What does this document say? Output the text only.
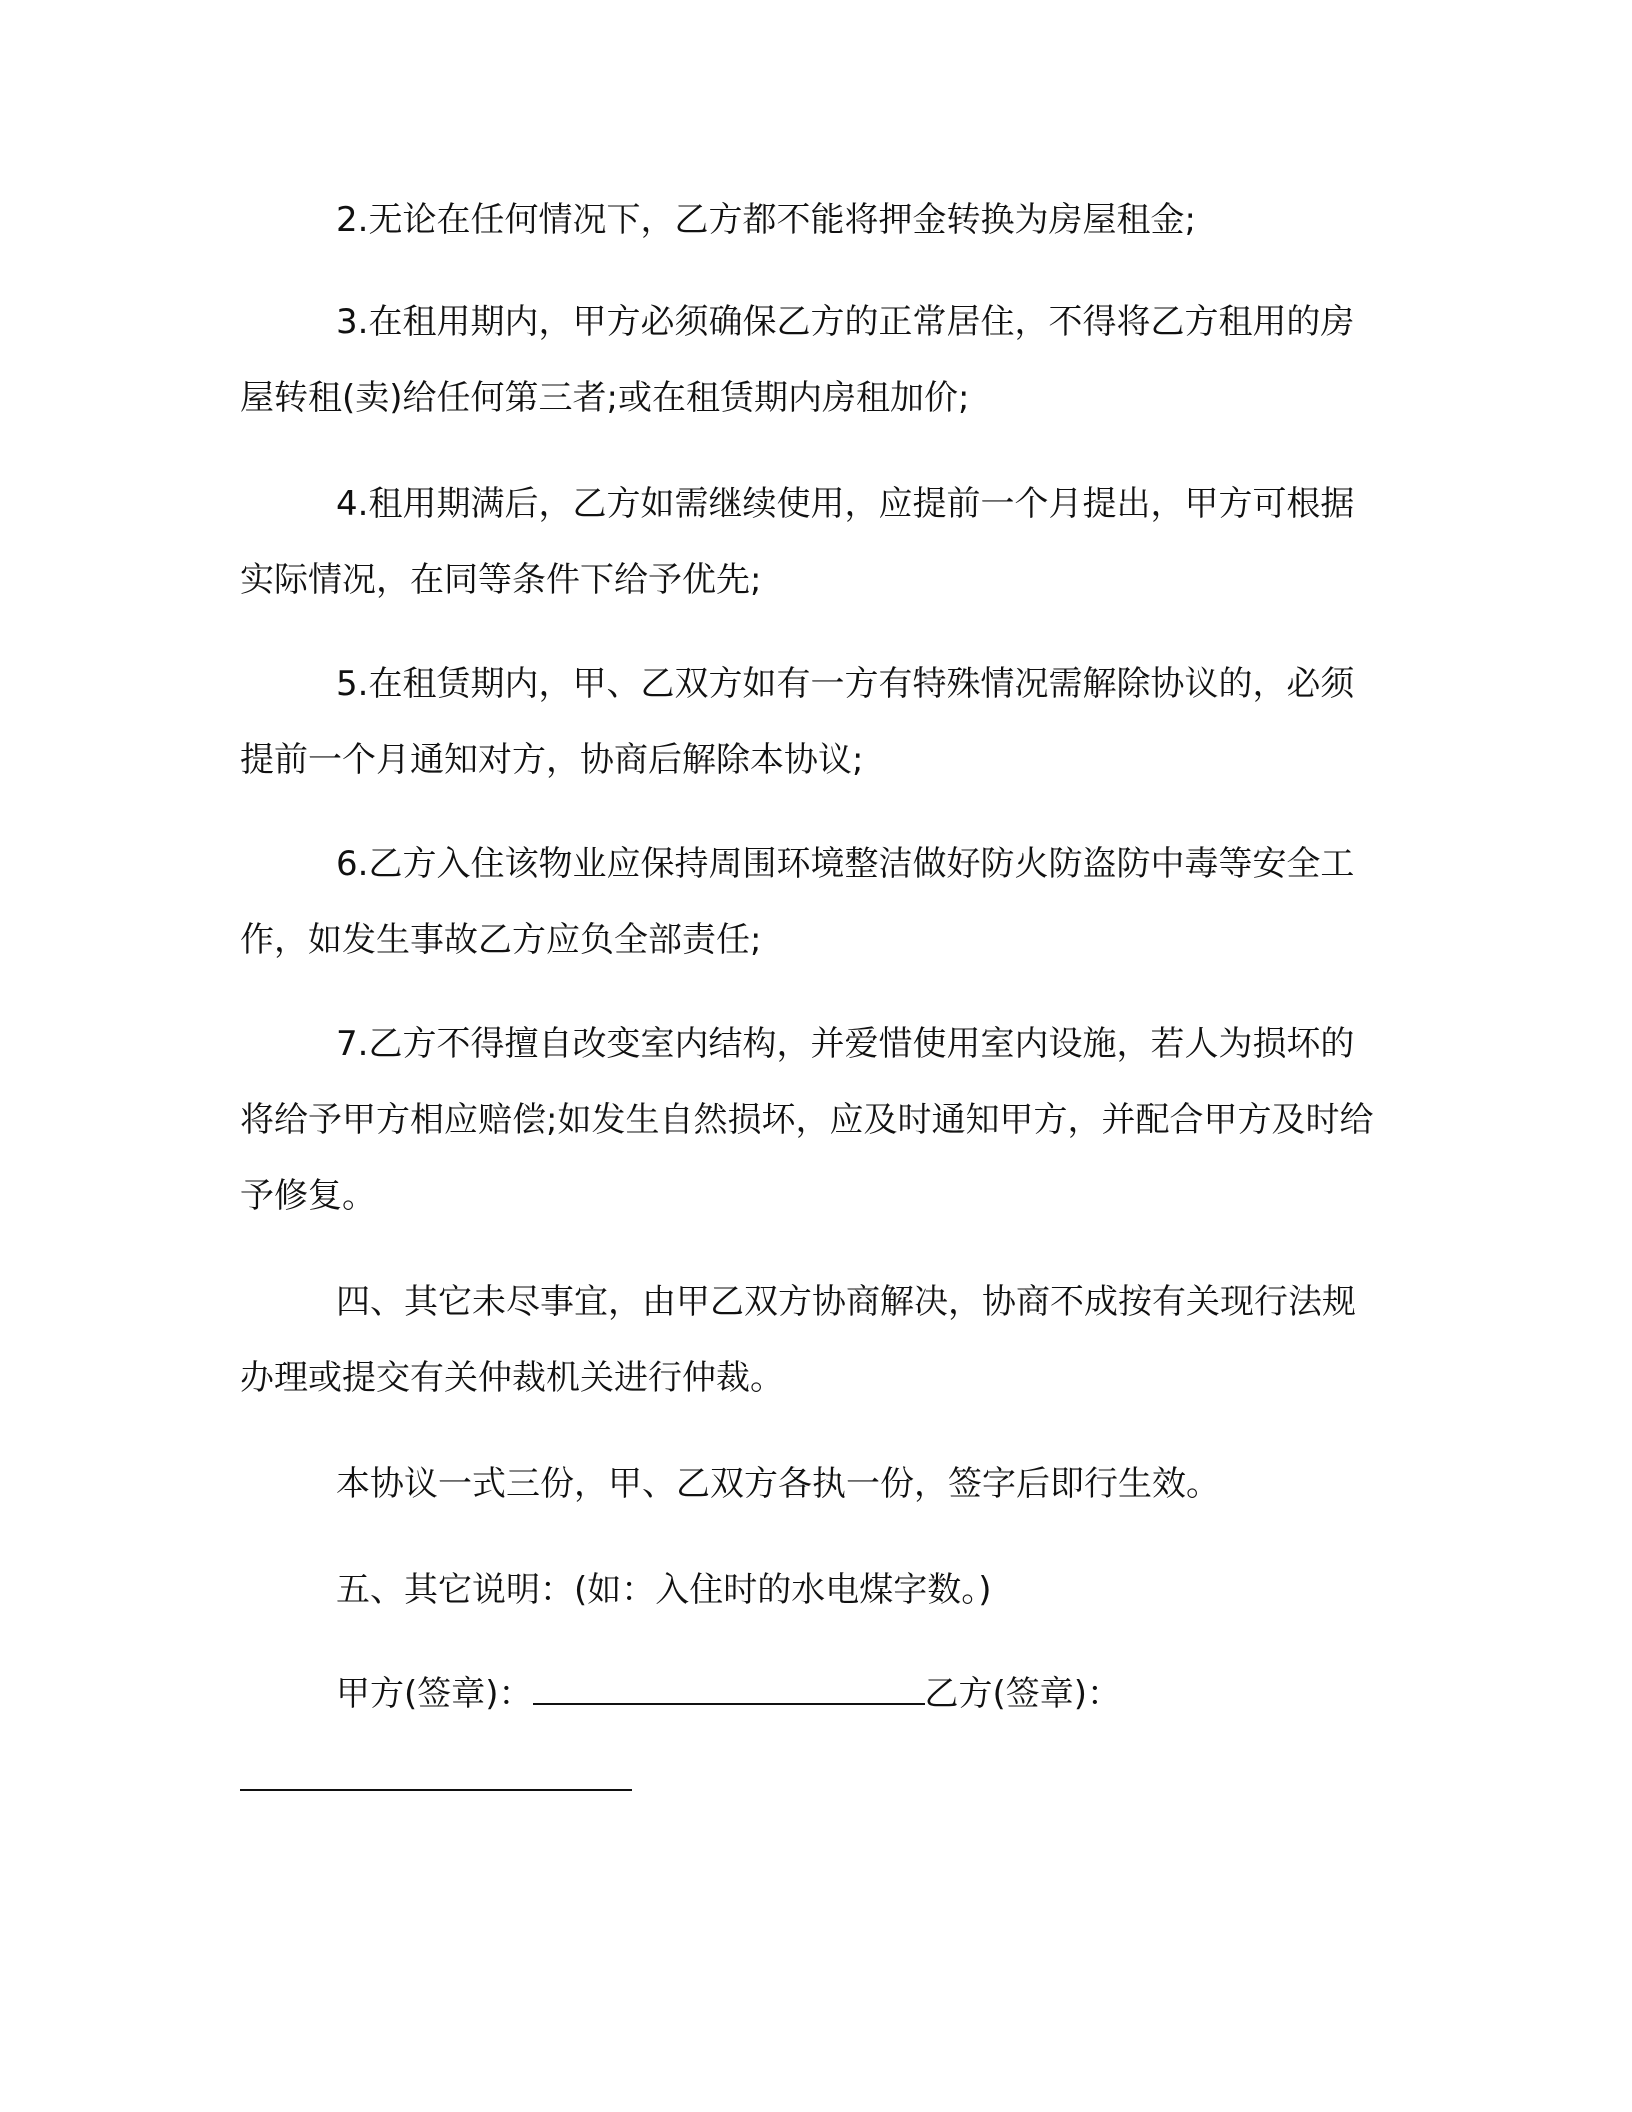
2.无论在任何情况下，乙方都不能将押金转换为房屋租金;

3.在租用期内，甲方必须确保乙方的正常居住，不得将乙方租用的房屋转租(卖)给任何第三者;或在租赁期内房租加价;

4.租用期满后，乙方如需继续使用，应提前一个月提出，甲方可根据实际情况，在同等条件下给予优先;

5.在租赁期内，甲、乙双方如有一方有特殊情况需解除协议的，必须提前一个月通知对方，协商后解除本协议;

6.乙方入住该物业应保持周围环境整洁做好防火防盗防中毒等安全工作，如发生事故乙方应负全部责任;

7.乙方不得擅自改变室内结构，并爱惜使用室内设施，若人为损坏的将给予甲方相应赔偿;如发生自然损坏，应及时通知甲方，并配合甲方及时给予修复。

四、其它未尽事宜，由甲乙双方协商解决，协商不成按有关现行法规办理或提交有关仲裁机关进行仲裁。

本协议一式三份，甲、乙双方各执一份，签字后即行生效。

五、其它说明：(如：入住时的水电煤字数。)

甲方(签章)：	乙方(签章)：
